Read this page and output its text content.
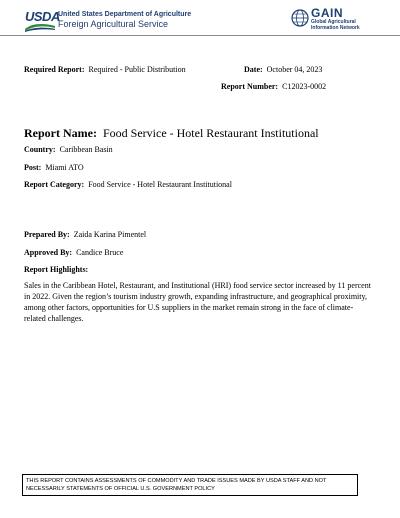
USDA
United States Department of Agriculture
Foreign Agricultural Service
GAIN
Global Agricultural
Information Network
Required Report: Required - Public Distribution	Date: October 04, 2023
Report Number: C12023-0002
Report Name: Food Service - Hotel Restaurant Institutional
Country: Caribbean Basin
Post: Miami ATO
Report Category: Food Service - Hotel Restaurant Institutional
Prepared By: Zaida Karina Pimentel
Approved By: Candice Bruce
Report Highlights:
Sales in the Caribbean Hotel, Restaurant, and Institutional (HRI) food service sector increased by 11 percent in 2022. Given the region’s tourism industry growth, expanding infrastructure, and geographical proximity, among other factors, opportunities for U.S suppliers in the market remain strong in the face of climate-related challenges.
THIS REPORT CONTAINS ASSESSMENTS OF COMMODITY AND TRADE ISSUES MADE BY USDA STAFF AND NOT NECESSARILY STATEMENTS OF OFFICIAL U.S. GOVERNMENT POLICY
